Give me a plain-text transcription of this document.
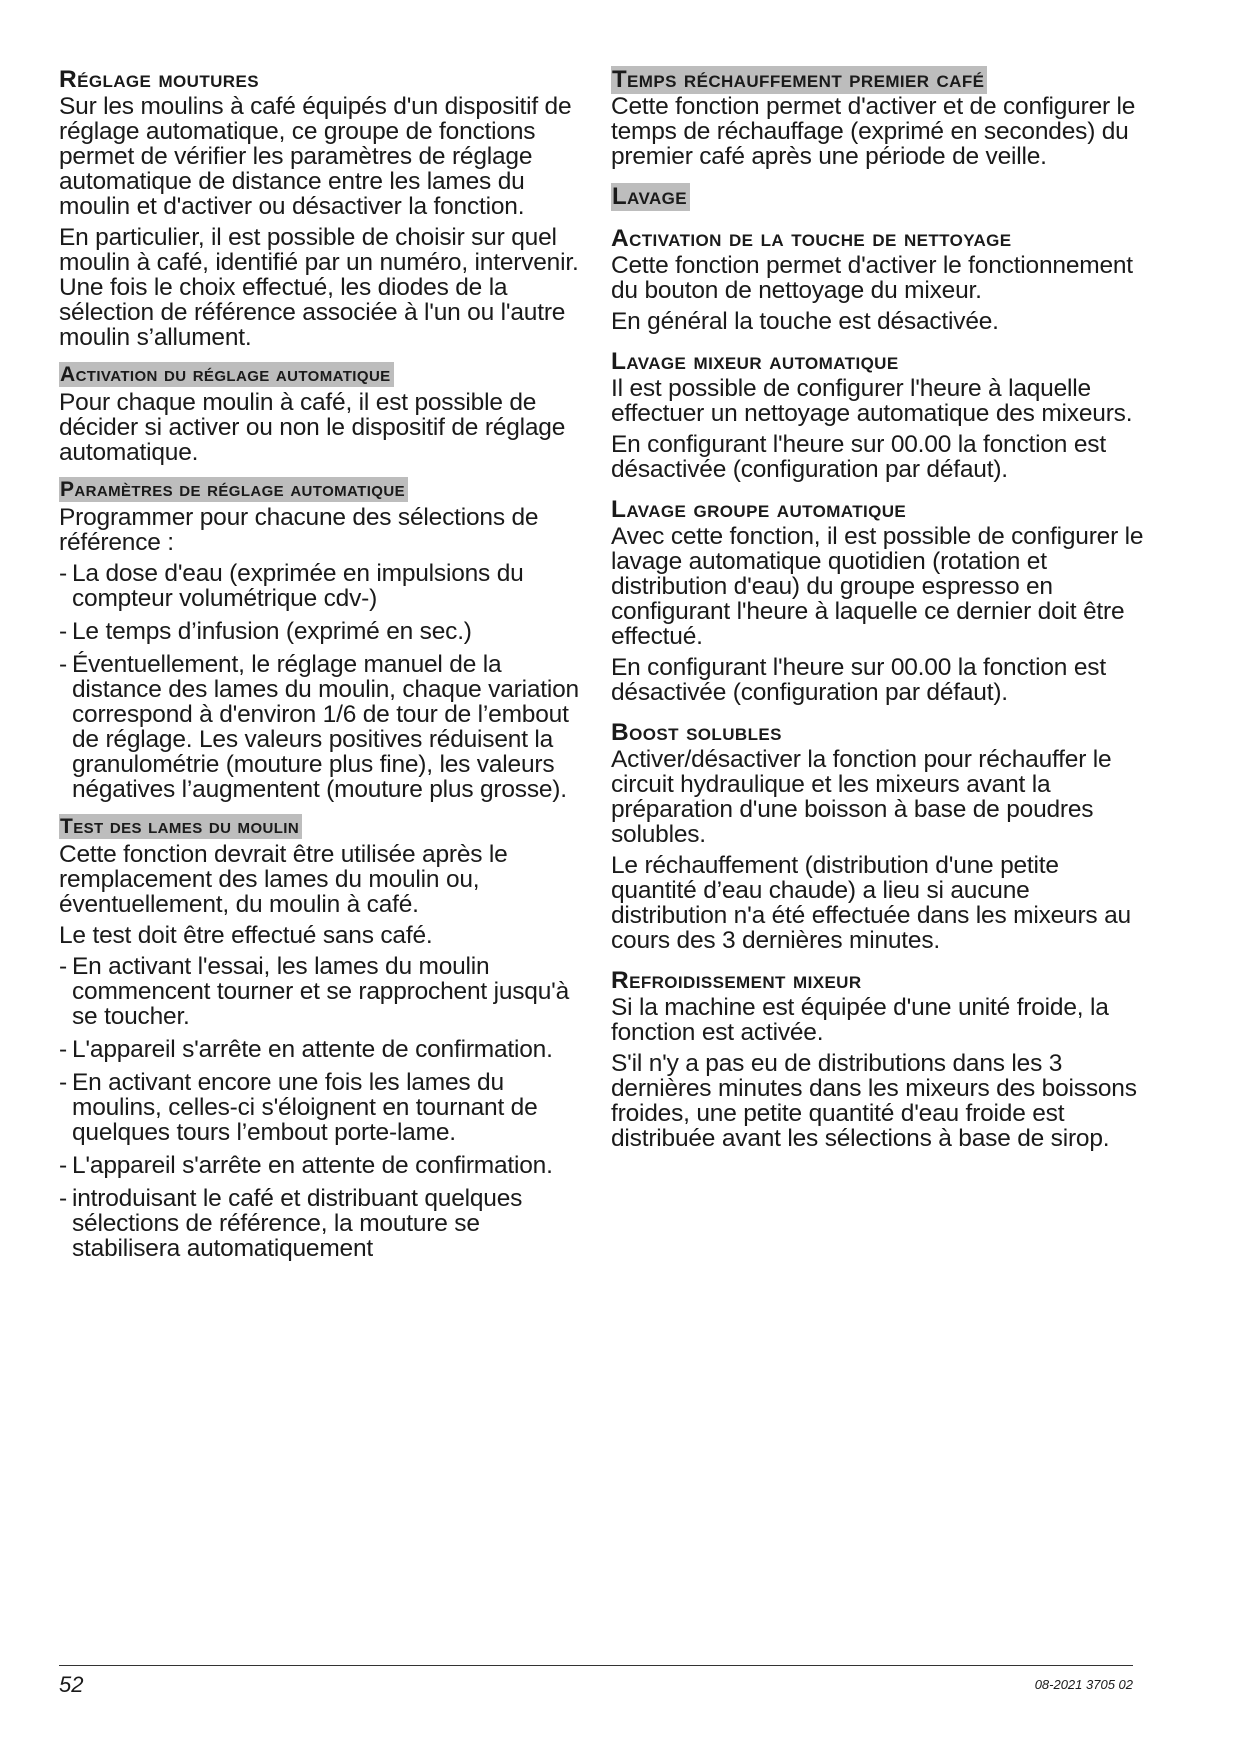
Réglage moutures

Sur les moulins à café équipés d'un dispositif de réglage automatique, ce groupe de fonctions permet de vérifier les paramètres de réglage automatique de distance entre les lames du moulin et d'activer ou désactiver la fonction.

En particulier, il est possible de choisir sur quel moulin à café, identifié par un numéro, intervenir. Une fois le choix effectué, les diodes de la sélection de référence associée à l'un ou l'autre moulin s’allument.

Activation du réglage automatique

Pour chaque moulin à café, il est possible de décider si activer ou non le dispositif de réglage automatique.

Paramètres de réglage automatique

Programmer pour chacune des sélections de référence :

- La dose d'eau (exprimée en impulsions du compteur volumétrique cdv-)
- Le temps d’infusion (exprimé en sec.)
- Éventuellement, le réglage manuel de la distance des lames du moulin, chaque variation correspond à d'environ 1/6 de tour de l’embout de réglage. Les valeurs positives réduisent la granulométrie (mouture plus fine), les valeurs négatives l’augmentent (mouture plus grosse).
Test des lames du moulin

Cette fonction devrait être utilisée après le remplacement des lames du moulin ou, éventuellement, du moulin à café.

Le test doit être effectué sans café.

- En activant l'essai, les lames du moulin commencent tourner et se rapprochent jusqu'à se toucher.
- L'appareil s'arrête en attente de confirmation.
- En activant encore une fois les lames du moulins, celles-ci s'éloignent en tournant de quelques tours l’embout porte-lame.
- L'appareil s'arrête en attente de confirmation.
- introduisant le café et distribuant quelques sélections de référence, la mouture se stabilisera automatiquement
Temps réchauffement premier café

Cette fonction permet d'activer et de configurer le temps de réchauffage (exprimé en secondes) du premier café après une période de veille.

Lavage
Activation de la touche de nettoyage

Cette fonction permet d'activer le fonctionnement du bouton de nettoyage du mixeur.

En général la touche est désactivée.

Lavage mixeur automatique

Il est possible de configurer l'heure à laquelle effectuer un nettoyage automatique des mixeurs.

En configurant l'heure sur 00.00 la fonction est désactivée (configuration par défaut).

Lavage groupe automatique

Avec cette fonction, il est possible de configurer le lavage automatique quotidien (rotation et distribution d'eau) du groupe espresso en configurant l'heure à laquelle ce dernier doit être effectué.

En configurant l'heure sur 00.00 la fonction est désactivée (configuration par défaut).

Boost solubles

Activer/désactiver la fonction pour réchauffer le circuit hydraulique et les mixeurs avant la préparation d'une boisson à base de poudres solubles.

Le réchauffement (distribution d'une petite quantité d’eau chaude) a lieu si aucune distribution n'a été effectuée dans les mixeurs au cours des 3 dernières minutes.

Refroidissement mixeur

Si la machine est équipée d'une unité froide, la fonction est activée.

S'il n'y a pas eu de distributions dans les 3 dernières minutes dans les mixeurs des boissons froides, une petite quantité d'eau froide est distribuée avant les sélections à base de sirop.

52	08-2021 3705 02
